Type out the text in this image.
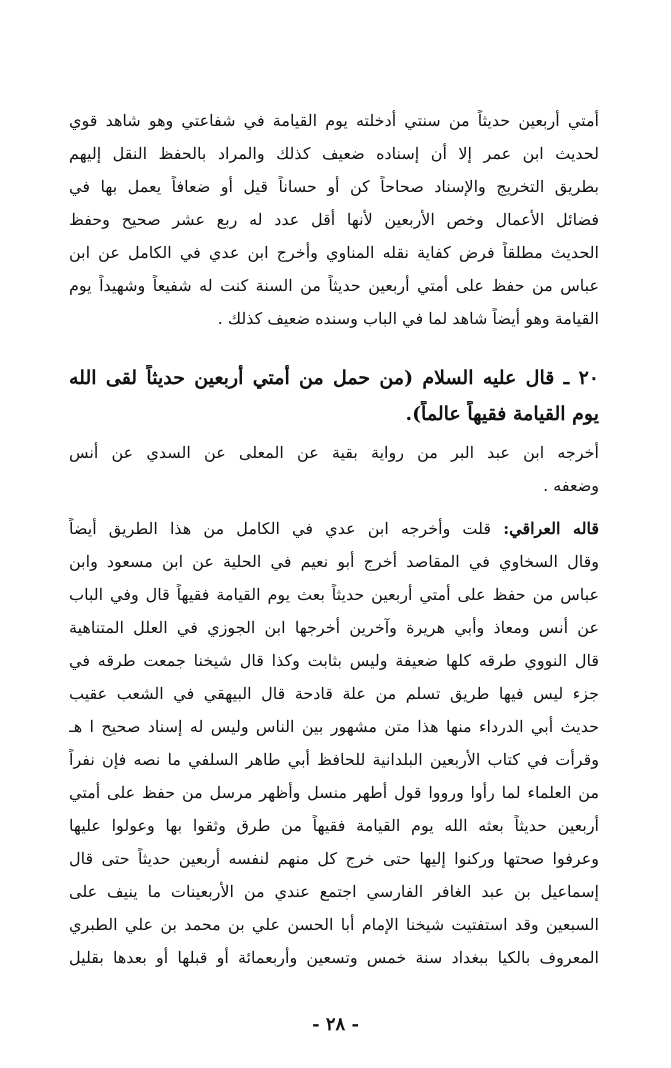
أمتي أربعين حديثاً من سنتي أدخلته يوم القيامة في شفاعتي وهو شاهد قوي
لحديث ابن عمر إلا أن إسناده ضعيف كذلك والمراد بالحفظ النقل إليهم
بطريق التخريج والإسناد صحاحاً كن أو حساناً قيل أو ضعافاً يعمل بها في
فضائل الأعمال وخص الأربعين لأنها أقل عدد له ربع عشر صحيح وحفظ
الحديث مطلقاً فرض كفاية نقله المناوي وأخرج ابن عدي في الكامل عن ابن
عباس من حفظ على أمتي أربعين حديثاً من السنة كنت له شفيعاً وشهيداً يوم
القيامة وهو أيضاً شاهد لما في الباب وسنده ضعيف كذلك .
٢٠ ـ قال عليه السلام (من حمل من أمتي أربعين حديثاً لقى الله
يوم القيامة فقيهاً عالماً).
أخرجه ابن عبد البر من رواية بقية عن المعلى عن السدي عن أنس
وضعفه .
قاله العراقي: قلت وأخرجه ابن عدي في الكامل من هذا الطريق أيضاً
وقال السخاوي في المقاصد أخرج أبو نعيم في الحلية عن ابن مسعود وابن
عباس من حفظ على أمتي أربعين حديثاً بعث يوم القيامة فقيهاً قال وفي الباب
عن أنس ومعاذ وأبي هريرة وآخرين أخرجها ابن الجوزي في العلل المتناهية
قال النووي طرقه كلها ضعيفة وليس بثابت وكذا قال شيخنا جمعت طرقه في
جزء ليس فيها طريق تسلم من علة قادحة قال البيهقي في الشعب عقيب
حديث أبي الدرداء منها هذا متن مشهور بين الناس وليس له إسناد صحيح ا هـ
وقرأت في كتاب الأربعين البلدانية للحافظ أبي طاهر السلفي ما نصه فإن نفراً
من العلماء لما رأوا ورووا قول أطهر منسل وأظهر مرسل من حفظ على أمتي
أربعين حديثاً بعثه الله يوم القيامة فقيهاً من طرق وثقوا بها وعولوا عليها
وعرفوا صحتها وركنوا إليها حتى خرج كل منهم لنفسه أربعين حديثاً حتى قال
إسماعيل بن عبد الغافر الفارسي اجتمع عندي من الأربعينات ما ينيف على
السبعين وقد استفتيت شيخنا الإمام أبا الحسن علي بن محمد بن علي الطبري
المعروف بالكيا ببغداد سنة خمس وتسعين وأربعمائة أو قبلها أو بعدها بقليل
- ٢٨ -
